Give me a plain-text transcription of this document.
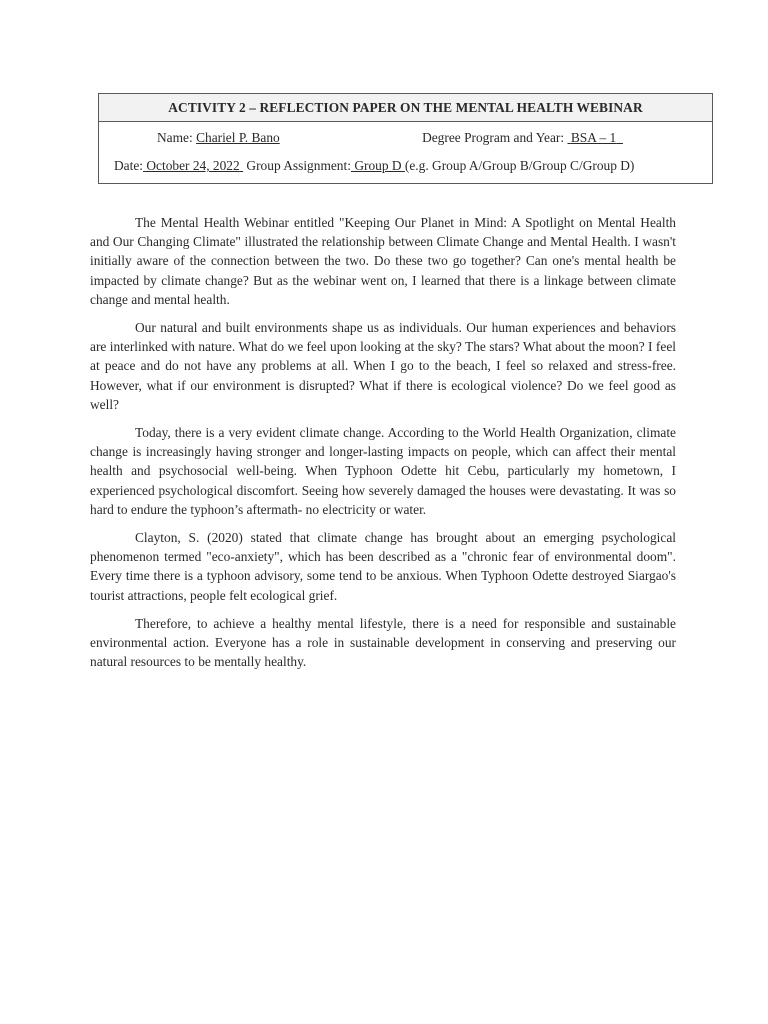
ACTIVITY 2 – REFLECTION PAPER ON THE MENTAL HEALTH WEBINAR
Name: Chariel P. Bano	Degree Program and Year: BSA – 1
Date: October 24, 2022 Group Assignment: Group D (e.g. Group A/Group B/Group C/Group D)

The Mental Health Webinar entitled "Keeping Our Planet in Mind: A Spotlight on Mental Health and Our Changing Climate" illustrated the relationship between Climate Change and Mental Health. I wasn't initially aware of the connection between the two. Do these two go together? Can one's mental health be impacted by climate change? But as the webinar went on, I learned that there is a linkage between climate change and mental health.

Our natural and built environments shape us as individuals. Our human experiences and behaviors are interlinked with nature. What do we feel upon looking at the sky? The stars? What about the moon? I feel at peace and do not have any problems at all. When I go to the beach, I feel so relaxed and stress-free. However, what if our environment is disrupted? What if there is ecological violence? Do we feel good as well?

Today, there is a very evident climate change. According to the World Health Organization, climate change is increasingly having stronger and longer-lasting impacts on people, which can affect their mental health and psychosocial well-being. When Typhoon Odette hit Cebu, particularly my hometown, I experienced psychological discomfort. Seeing how severely damaged the houses were devastating. It was so hard to endure the typhoon’s aftermath- no electricity or water.

Clayton, S. (2020) stated that climate change has brought about an emerging psychological phenomenon termed "eco-anxiety", which has been described as a "chronic fear of environmental doom". Every time there is a typhoon advisory, some tend to be anxious. When Typhoon Odette destroyed Siargao's tourist attractions, people felt ecological grief.

Therefore, to achieve a healthy mental lifestyle, there is a need for responsible and sustainable environmental action. Everyone has a role in sustainable development in conserving and preserving our natural resources to be mentally healthy.
